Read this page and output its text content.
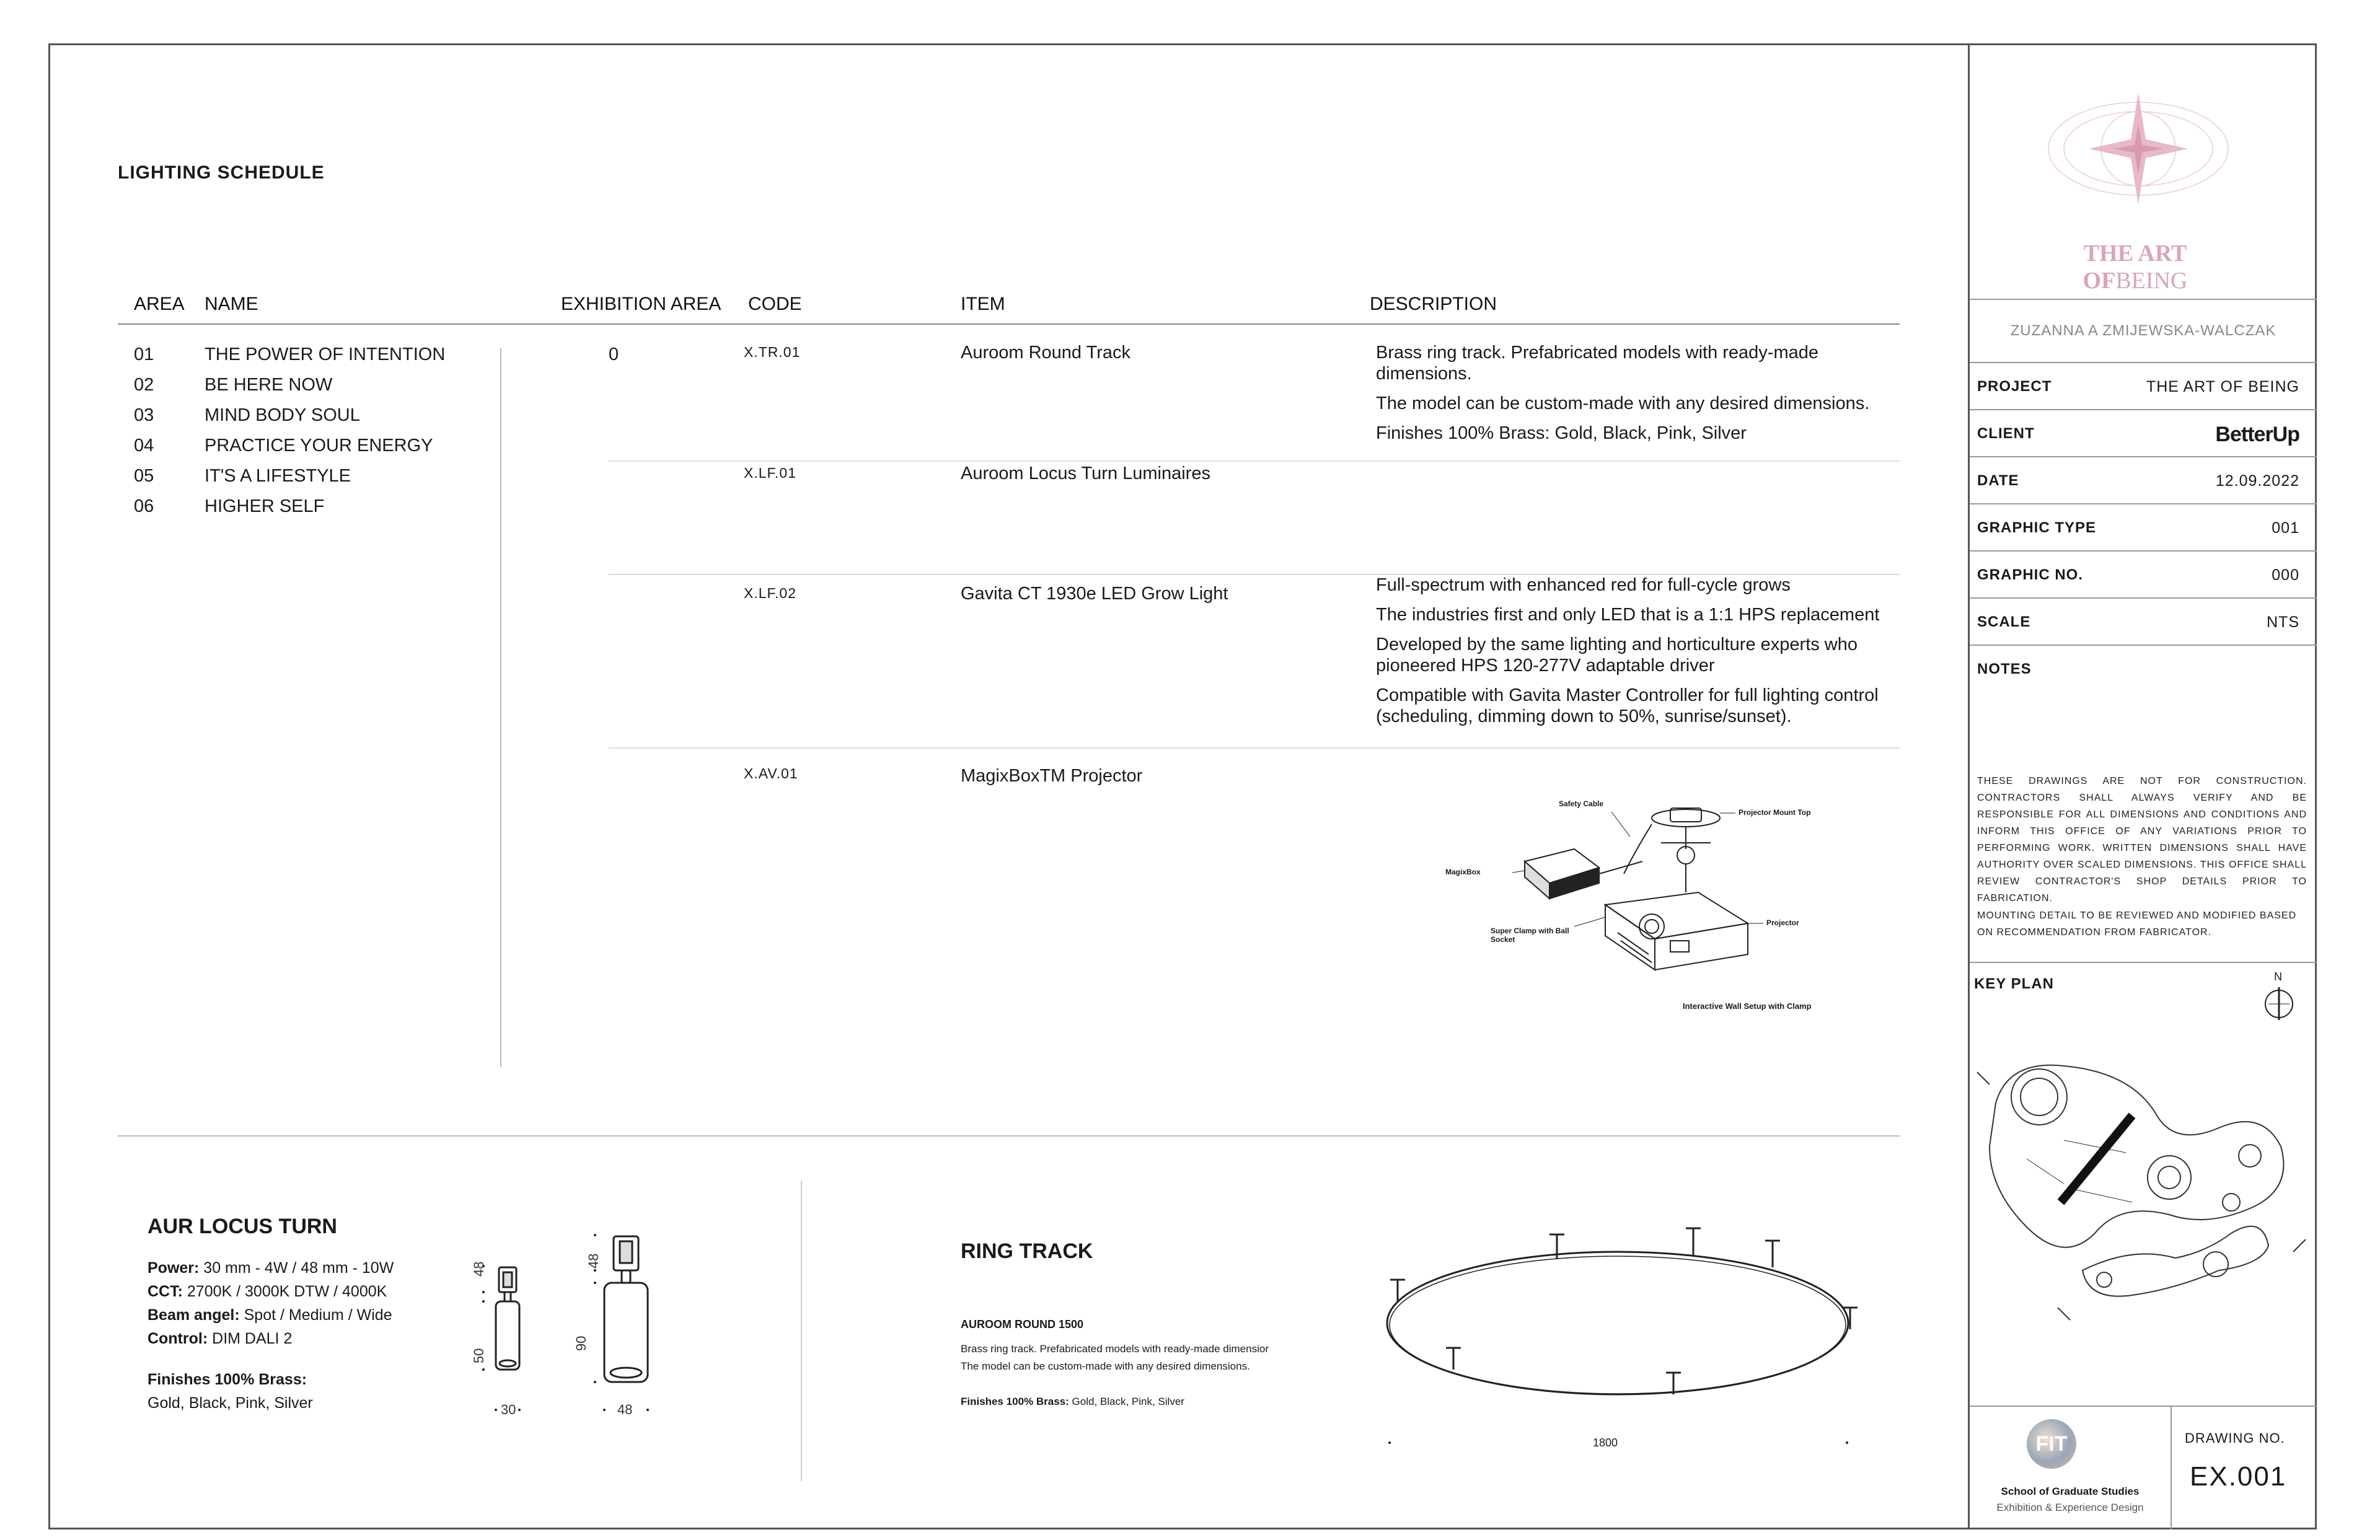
LIGHTING SCHEDULE
AREA NAME	EXHIBITION AREA CODE	ITEM	DESCRIPTION
01	THE POWER OF INTENTION
02	BE HERE NOW
03	MIND BODY SOUL
04	PRACTICE YOUR ENERGY
05	IT'S A LIFESTYLE
06	HIGHER SELF
0	X.TR.01	Auroom Round Track	Brass ring track. Prefabricated models with ready-made dimensions.

The model can be custom-made with any desired dimensions.

Finishes 100% Brass: Gold, Black, Pink, Silver

X.LF.01	Auroom Locus Turn Luminaires
X.LF.02	Gavita CT 1930e LED Grow Light	Full-spectrum with enhanced red for full-cycle grows

The industries first and only LED that is a 1:1 HPS replacement

Developed by the same lighting and horticulture experts who pioneered HPS 120-277V adaptable driver

Compatible with Gavita Master Controller for full lighting control (scheduling, dimming down to 50%, sunrise/sunset).

X.AV.01	MagixBoxTM Projector
Safety Cable
Projector Mount Top
MagixBox
Projector
Super Clamp with Ball Socket
Interactive Wall Setup with Clamp
AUR LOCUS TURN
Power: 30 mm - 4W / 48 mm - 10W
CCT: 2700K / 3000K DTW / 4000K
Beam angel: Spot / Medium / Wide
Control: DIM DALI 2
Finishes 100% Brass:
Gold, Black, Pink, Silver
48
50
30
48
90
48
RING TRACK
AUROOM ROUND 1500
Brass ring track. Prefabricated models with ready-made dimensior
The model can be custom-made with any desired dimensions.
Finishes 100% Brass: Gold, Black, Pink, Silver
1800
THE ART OFBEING
ZUZANNA A ZMIJEWSKA-WALCZAK
PROJECT	THE ART OF BEING
CLIENT	BetterUp
DATE	12.09.2022
GRAPHIC TYPE	001
GRAPHIC NO.	000
SCALE	NTS
NOTES
THESE DRAWINGS ARE NOT FOR CONSTRUCTION. CONTRACTORS SHALL ALWAYS VERIFY AND BE RESPONSIBLE FOR ALL DIMENSIONS AND CONDITIONS AND INFORM THIS OFFICE OF ANY VARIATIONS PRIOR TO PERFORMING WORK. WRITTEN DIMENSIONS SHALL HAVE AUTHORITY OVER SCALED DIMENSIONS. THIS OFFICE SHALL REVIEW CONTRACTOR'S SHOP DETAILS PRIOR TO FABRICATION.
MOUNTING DETAIL TO BE REVIEWED AND MODIFIED BASED ON RECOMMENDATION FROM FABRICATOR.
KEY PLAN	N
FIT
School of Graduate Studies
Exhibition & Experience Design
DRAWING NO.
EX.001
